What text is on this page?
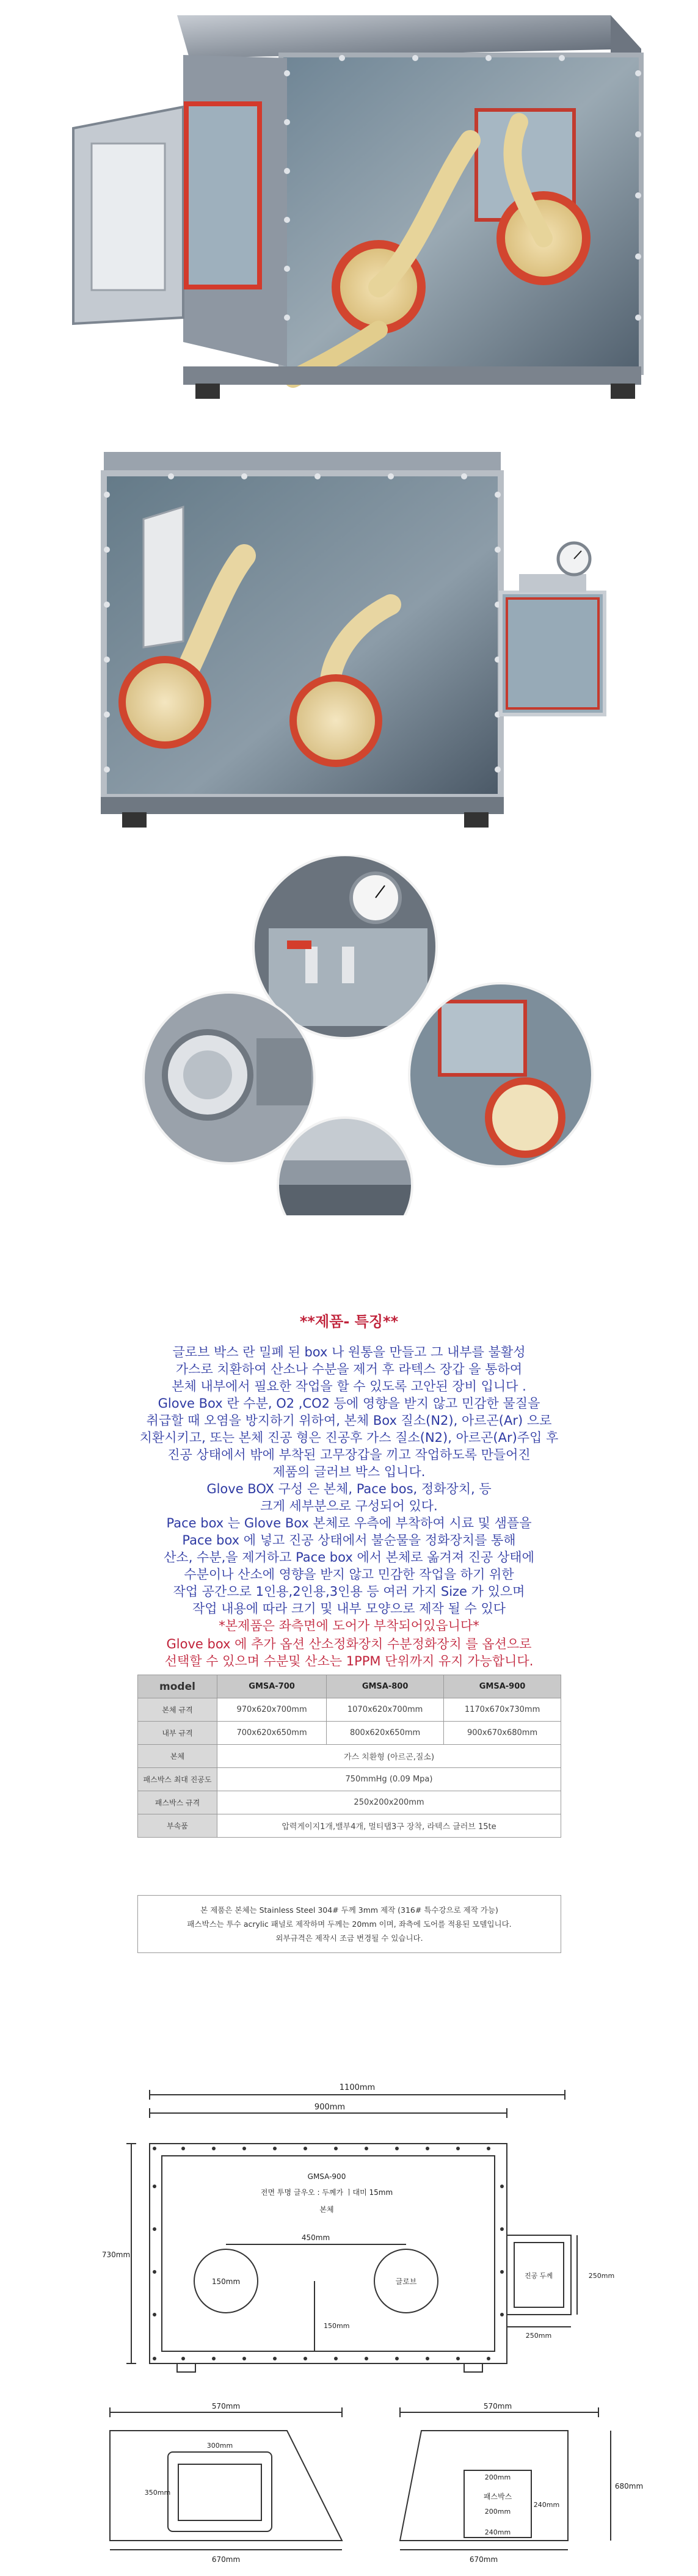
**제품- 특징**
글로브 박스 란 밀폐 된 box 나 원통을 만들고 그 내부를 불활성
가스로 치환하여 산소나 수분을 제거 후 라텍스 장갑 을 통하여
본체 내부에서 필요한 작업을 할 수 있도록 고안된 장비 입니다 .
Glove Box 란 수분, O2 ,CO2 등에 영향을 받지 않고 민감한 물질을
취급할 때 오염을 방지하기 위하여, 본체 Box 질소(N2), 아르곤(Ar) 으로
치환시키고, 또는 본체 진공 형은 진공후 가스 질소(N2), 아르곤(Ar)주입 후
진공 상태에서 밖에 부착된 고무장갑을 끼고 작업하도록 만들어진
제품의 글러브 박스 입니다.
Glove BOX 구성 은 본체, Pace bos, 정화장치, 등
크게 세부분으로 구성되어 있다.
Pace box 는 Glove Box 본체로 우측에 부착하여 시료 및 샘플을
Pace box 에 넣고 진공 상태에서 불순물을 정화장치를 통해
산소, 수분,을 제거하고 Pace box 에서 본체로 옮겨져 진공 상태에
수분이나 산소에 영향을 받지 않고 민감한 작업을 하기 위한
작업 공간으로 1인용,2인용,3인용 등 여러 가지 Size 가 있으며
작업 내용에 따라 크기 및 내부 모양으로 제작 될 수 있다
*본제품은 좌측면에 도어가 부착되어있읍니다*
Glove box 에 추가 옵션 산소정화장치 수분정화장치 를 옵션으로
선택할 수 있으며 수분및 산소는 1PPM 단위까지 유지 가능합니다.
model	GMSA-700	GMSA-800	GMSA-900
본체 규격	970x620x700mm	1070x620x700mm	1170x670x730mm
내부 규격	700x620x650mm	800x620x650mm	900x670x680mm
본체	가스 치환형 (아르곤,질소)		
패스박스 최대 진공도	750mmHg (0.09 Mpa)		
패스박스 규격	250x200x200mm		
부속품	압력게이지1개,밸부4개, 멀티탭3구 장착, 라텍스 글러브 15te		
본 제품은 본체는 Stainless Steel 304# 두께 3mm 제작 (316# 특수강으로 제작 가능)
패스박스는 투수 acrylic 패널로 제작하며 두께는 20mm 이며, 좌측에 도어를 적용된 모델입니다.
외부규격은 제작시 조금 변경될 수 있습니다.
1100mm
900mm
GMSA-900
전면 투명 글우오 : 두께가 ㅣ대미 15mm
본체
730mm
450mm
150mm	글로브
150mm
진공 두께	250mm
250mm
570mm	570mm
680mm
300mm
350mm
200mm
패스박스
200mm
240mm
240mm
670mm	670mm
